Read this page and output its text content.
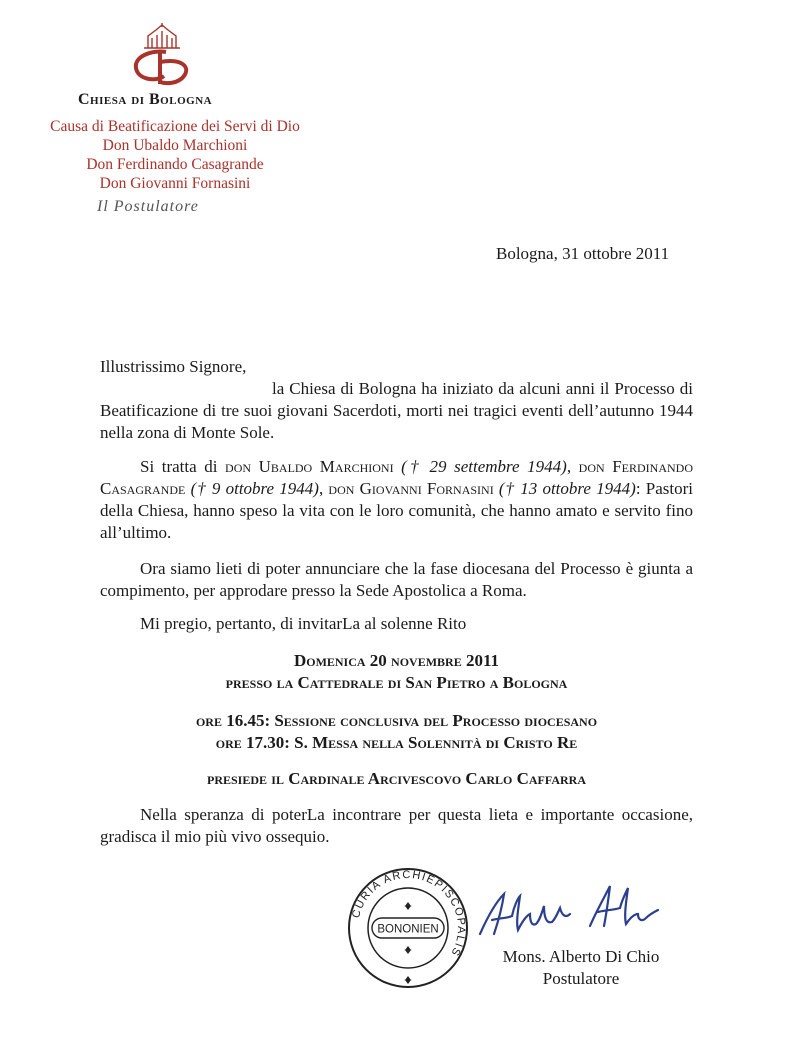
Chiesa di Bologna
Causa di Beatificazione dei Servi di Dio
Don Ubaldo Marchioni
Don Ferdinando Casagrande
Don Giovanni Fornasini
Il Postulatore
Bologna, 31 ottobre 2011
Illustrissimo Signore,
la Chiesa di Bologna ha iniziato da alcuni anni il Processo di Beatificazione di tre suoi giovani Sacerdoti, morti nei tragici eventi dell’autunno 1944 nella zona di Monte Sole.
Si tratta di don Ubaldo Marchioni († 29 settembre 1944), don Ferdinando Casagrande († 9 ottobre 1944), don Giovanni Fornasini († 13 ottobre 1944): Pastori della Chiesa, hanno speso la vita con le loro comunità, che hanno amato e servito fino all’ultimo.
Ora siamo lieti di poter annunciare che la fase diocesana del Processo è giunta a compimento, per approdare presso la Sede Apostolica a Roma.
Mi pregio, pertanto, di invitarLa al solenne Rito
Domenica 20 novembre 2011
presso la Cattedrale di San Pietro a Bologna
ore 16.45: Sessione conclusiva del Processo diocesano
ore 17.30: S. Messa nella Solennità di Cristo Re
presiede il Cardinale Arcivescovo Carlo Caffarra
Nella speranza di poterLa incontrare per questa lieta e importante occasione, gradisca il mio più vivo ossequio.
CURIA ARCHIEPISCOPALIS
BONONIEN
Mons. Alberto Di Chio
Postulatore
